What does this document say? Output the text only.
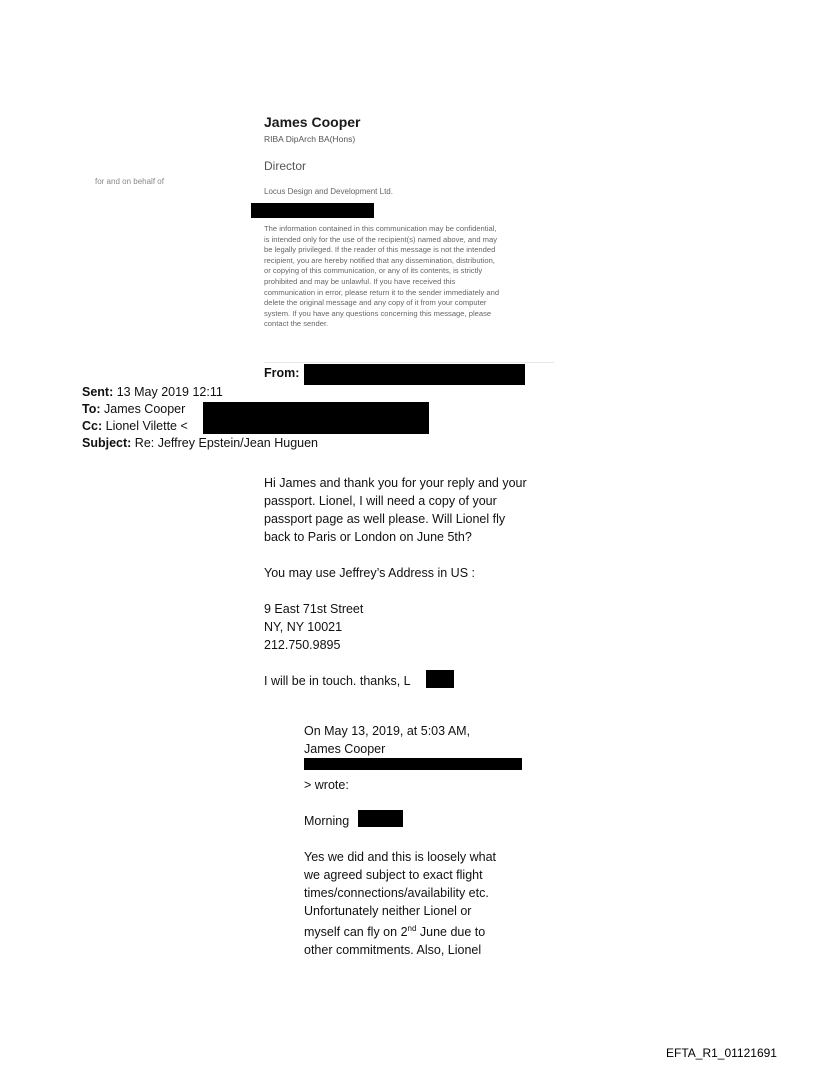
James Cooper
RIBA DipArch BA(Hons)
Director
for and on behalf of
Locus Design and Development Ltd.
The information contained in this communication may be confidential,
is intended only for the use of the recipient(s) named above, and may
be legally privileged. If the reader of this message is not the intended
recipient, you are hereby notified that any dissemination, distribution,
or copying of this communication, or any of its contents, is strictly
prohibited and may be unlawful. If you have received this
communication in error, please return it to the sender immediately and
delete the original message and any copy of it from your computer
system. If you have any questions concerning this message, please
contact the sender.
From:
Sent: 13 May 2019 12:11
To: James Cooper
Cc: Lionel Vilette <
Subject: Re: Jeffrey Epstein/Jean Huguen

Hi James and thank you for your reply and your

passport. Lionel, I will need a copy of your

passport page as well please. Will Lionel fly

back to Paris or London on June 5th?

You may use Jeffrey’s Address in US :

9 East 71st Street

NY, NY 10021

212.750.9895

I will be in touch. thanks, L

On May 13, 2019, at 5:03 AM,

James Cooper

> wrote:

Morning

Yes we did and this is loosely what

we agreed subject to exact flight

times/connections/availability etc.

Unfortunately neither Lionel or

myself can fly on 2nd June due to

other commitments. Also, Lionel

EFTA_R1_01121691
